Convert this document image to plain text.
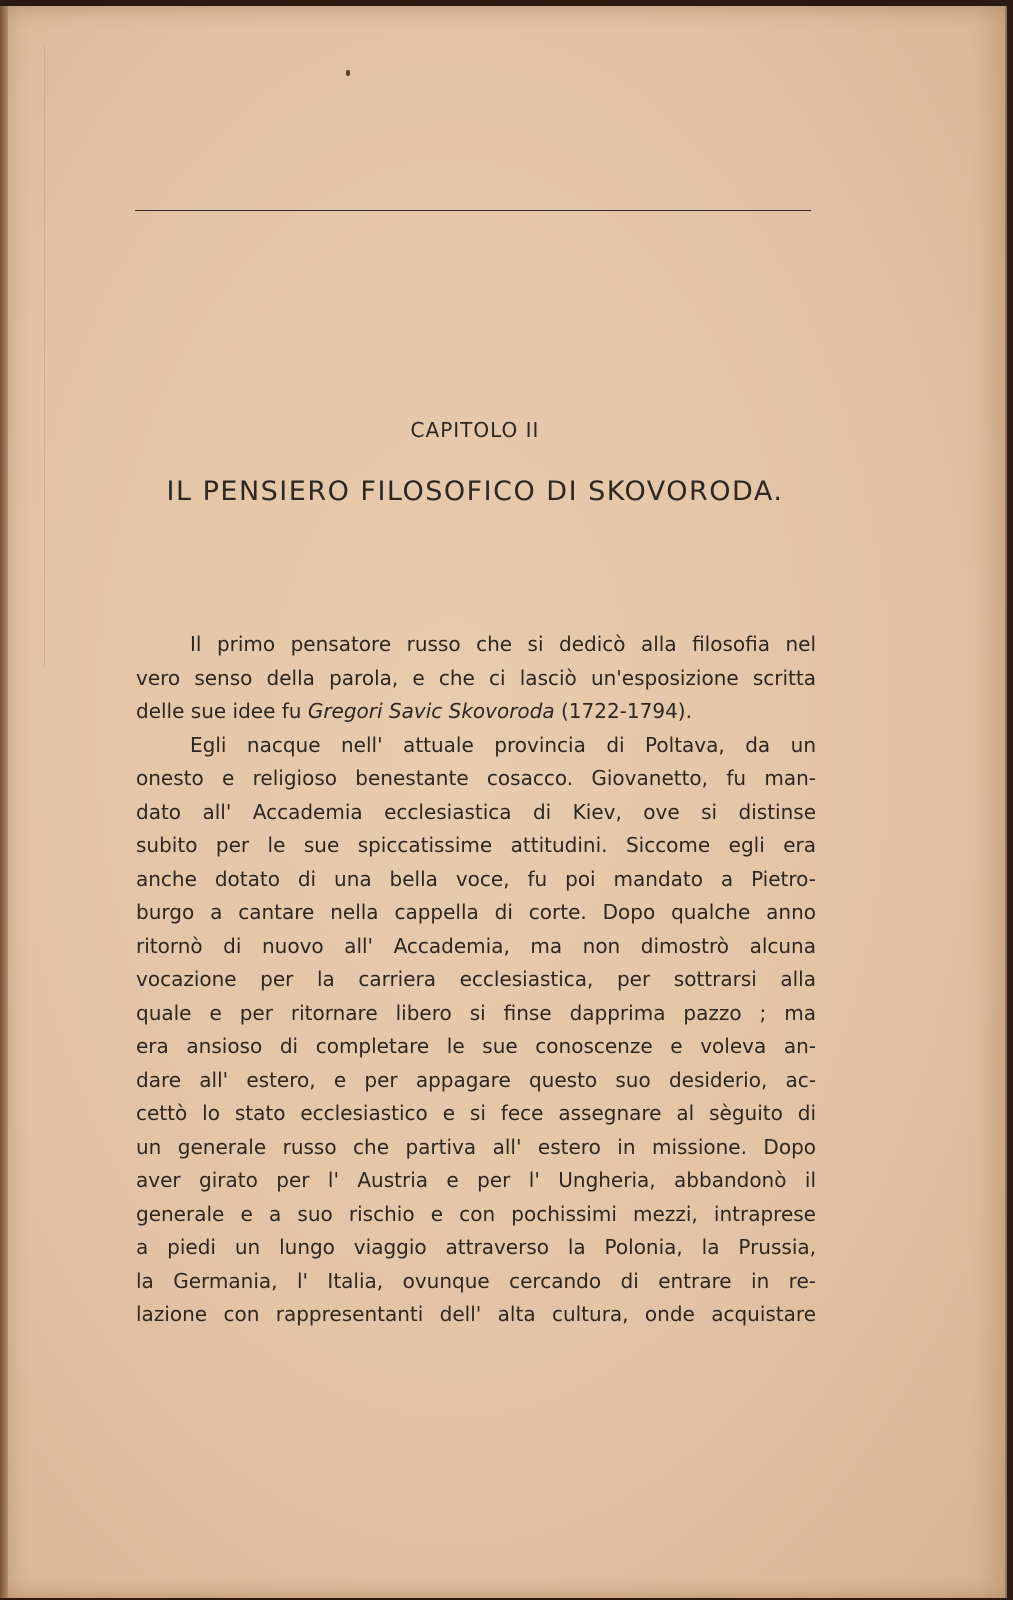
CAPITOLO II
IL PENSIERO FILOSOFICO DI SKOVORODA.
Il primo pensatore russo che si dedicò alla filosofia nel
vero senso della parola, e che ci lasciò un'esposizione scritta
delle sue idee fu Gregori Savic Skovoroda (1722-1794).
Egli nacque nell' attuale provincia di Poltava, da un
onesto e religioso benestante cosacco. Giovanetto, fu man-
dato all' Accademia ecclesiastica di Kiev, ove si distinse
subito per le sue spiccatissime attitudini. Siccome egli era
anche dotato di una bella voce, fu poi mandato a Pietro-
burgo a cantare nella cappella di corte. Dopo qualche anno
ritornò di nuovo all' Accademia, ma non dimostrò alcuna
vocazione per la carriera ecclesiastica, per sottrarsi alla
quale e per ritornare libero si finse dapprima pazzo ; ma
era ansioso di completare le sue conoscenze e voleva an-
dare all' estero, e per appagare questo suo desiderio, ac-
cettò lo stato ecclesiastico e si fece assegnare al sèguito di
un generale russo che partiva all' estero in missione. Dopo
aver girato per l' Austria e per l' Ungheria, abbandonò il
generale e a suo rischio e con pochissimi mezzi, intraprese
a piedi un lungo viaggio attraverso la Polonia, la Prussia,
la Germania, l' Italia, ovunque cercando di entrare in re-
lazione con rappresentanti dell' alta cultura, onde acquistare
